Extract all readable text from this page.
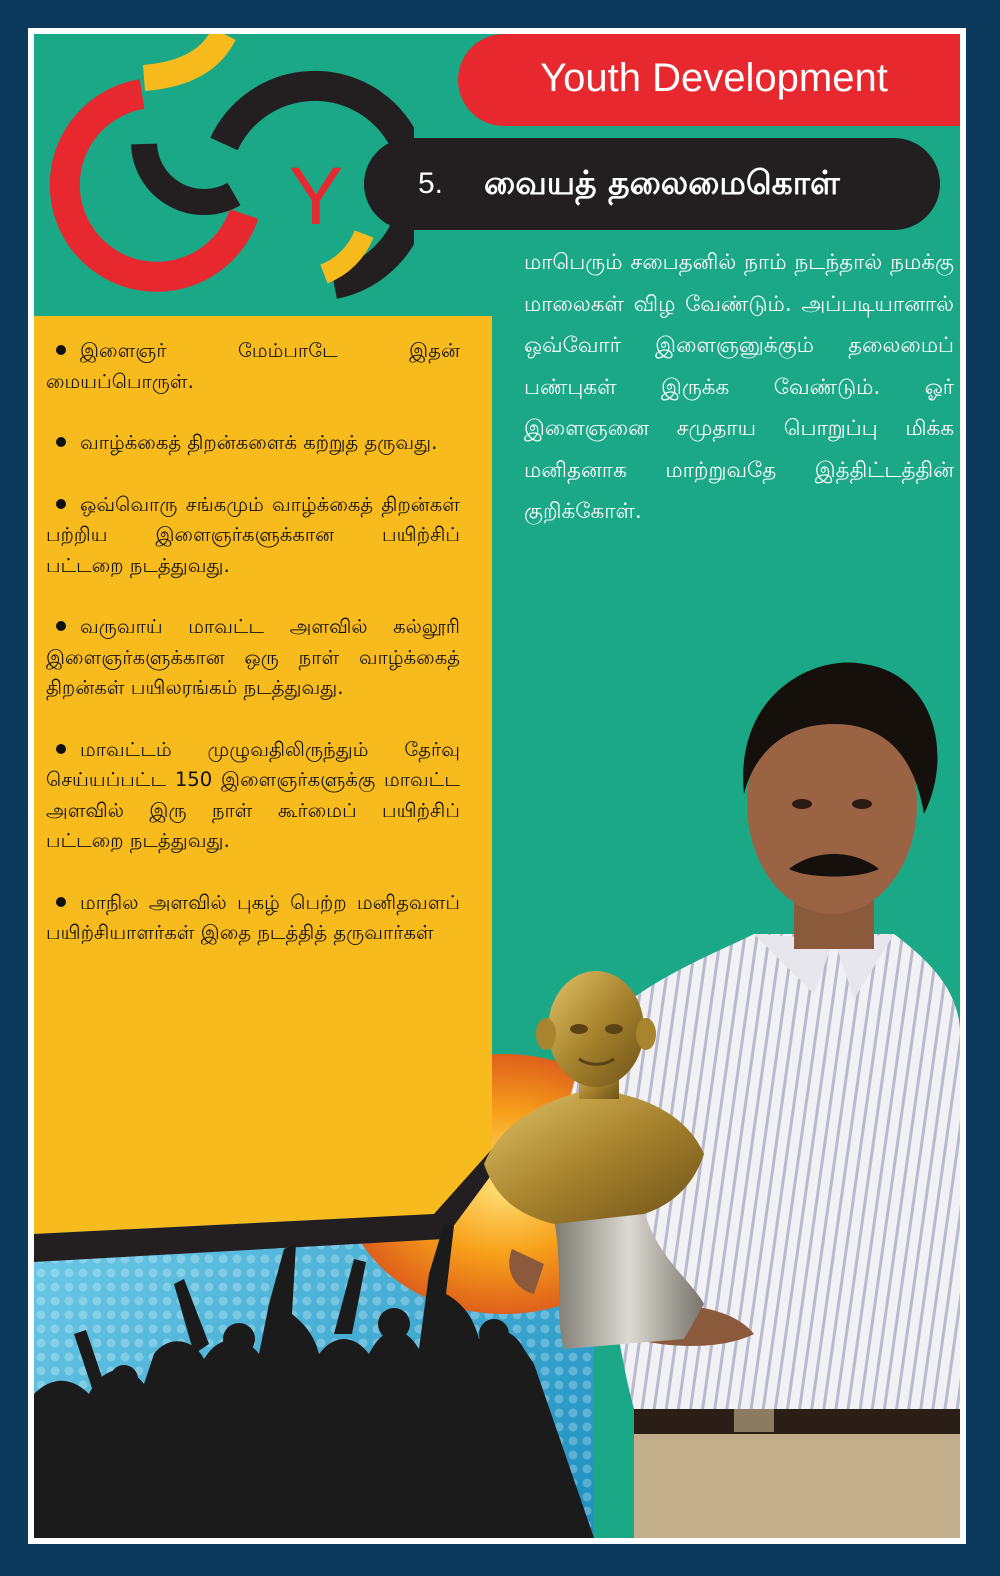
Y
Youth Development
5. வையத் தலைமைகொள்
மாபெரும் சபைதனில் நாம் நடந்தால் நமக்கு மாலைகள் விழ வேண்டும். அப்படியானால் ஒவ்வோர் இளைஞனுக்கும் தலைமைப் பண்புகள் இருக்க வேண்டும். ஓர் இளைஞனை சமுதாய பொறுப்பு மிக்க மனிதனாக மாற்றுவதே இத்திட்டத்தின் குறிக்கோள்.
இளைஞர் மேம்பாடே இதன் மையப்பொருள்.
வாழ்க்கைத் திறன்களைக் கற்றுத் தருவது.
ஒவ்வொரு சங்கமும் வாழ்க்கைத் திறன்கள் பற்றிய இளைஞர்களுக்கான பயிற்சிப் பட்டறை நடத்துவது.
வருவாய் மாவட்ட அளவில் கல்லூரி இளைஞர்களுக்கான ஒரு நாள் வாழ்க்கைத் திறன்கள் பயிலரங்கம் நடத்துவது.
மாவட்டம் முழுவதிலிருந்தும் தேர்வு செய்யப்பட்ட 150 இளைஞர்களுக்கு மாவட்ட அளவில் இரு நாள் கூர்மைப் பயிற்சிப் பட்டறை நடத்துவது.
மாநில அளவில் புகழ் பெற்ற மனிதவளப் பயிற்சியாளர்கள் இதை நடத்தித் தருவார்கள்
